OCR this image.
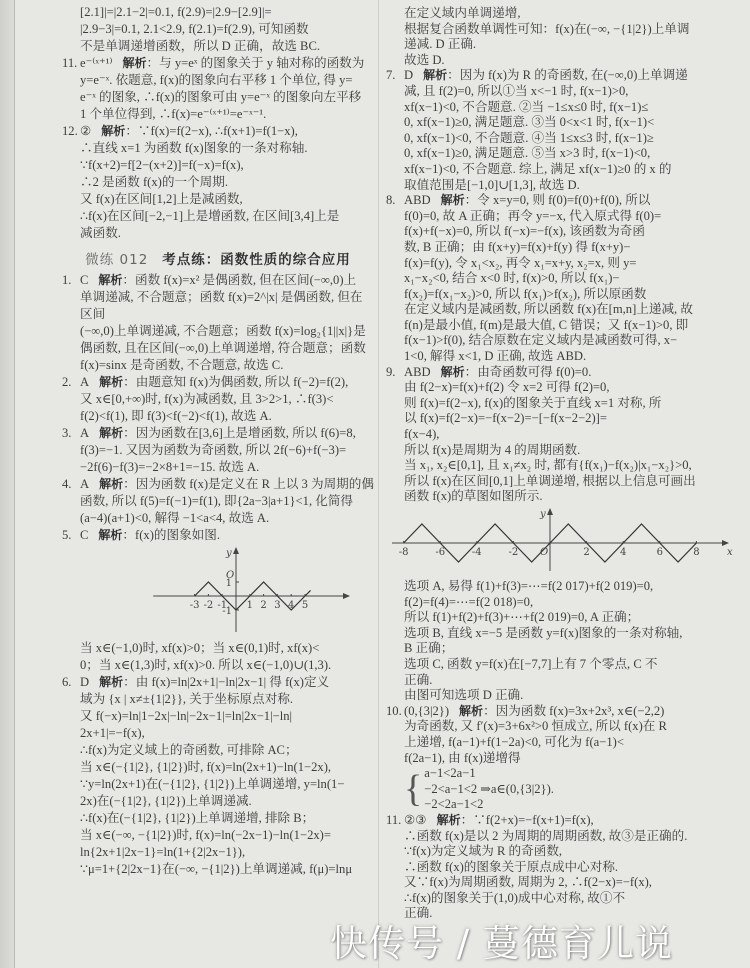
[2.1]|=|2.1−2|=0.1, f(2.9)=|2.9−[2.9]|=
|2.9−3|=0.1, 2.1<2.9, f(2.1)=f(2.9), 可知函数
不是单调递增函数，所以 D 正确，故选 BC.
11. e⁻⁽ˣ⁺¹⁾ 解析：与 y=eˣ 的图象关于 y 轴对称的函数为
y=e⁻ˣ. 依题意, f(x)的图象向右平移 1 个单位, 得 y=
e⁻ˣ 的图象, ∴f(x)的图象可由 y=e⁻ˣ 的图象向左平移
1 个单位得到, ∴f(x)=e⁻⁽ˣ⁺¹⁾=e⁻ˣ⁻¹.
12. ② 解析：∵f(x)=f(2−x), ∴f(x+1)=f(1−x),
∴直线 x=1 为函数 f(x)图象的一条对称轴.
∵f(x+2)=f[2−(x+2)]=f(−x)=f(x),
∴2 是函数 f(x)的一个周期.
又 f(x)在区间[1,2]上是减函数,
∴f(x)在区间[−2,−1]上是增函数, 在区间[3,4]上是
减函数.
微练 012 考点练：函数性质的综合应用
1. C 解析：函数 f(x)=x² 是偶函数, 但在区间(−∞,0)上
单调递减, 不合题意；函数 f(x)=2^|x| 是偶函数, 但在区间
(−∞,0)上单调递减, 不合题意；函数 f(x)=log₂{1||x|}是
偶函数, 且在区间(−∞,0)上单调递增, 符合题意；函数
f(x)=sinx 是奇函数, 不合题意, 故选 C.
2. A 解析：由题意知 f(x)为偶函数, 所以 f(−2)=f(2),
又 x∈[0,+∞)时, f(x)为减函数, 且 3>2>1, ∴f(3)<
f(2)<f(1), 即 f(3)<f(−2)<f(1), 故选 A.
3. A 解析：因为函数在[3,6]上是增函数, 所以 f(6)=8,
f(3)=−1. 又因为函数为奇函数, 所以 2f(−6)+f(−3)=
−2f(6)−f(3)=−2×8+1=−15. 故选 A.
4. A 解析：因为函数 f(x)是定义在 R 上以 3 为周期的偶
函数, 所以 f(5)=f(−1)=f(1), 即{2a−3|a+1}<1, 化简得
(a−4)(a+1)<0, 解得 −1<a<4, 故选 A.
5. C 解析：f(x)的图象如图.
-3 -2 -1 1 2 3 4 5
1
-1
O
y
当 x∈(−1,0)时, xf(x)>0；当 x∈(0,1)时, xf(x)<
0；当 x∈(1,3)时, xf(x)>0. 所以 x∈(−1,0)∪(1,3).
6. D 解析：由 f(x)=ln|2x+1|−ln|2x−1| 得 f(x)定义
域为 {x | x≠±{1|2}}, 关于坐标原点对称.
又 f(−x)=ln|1−2x|−ln|−2x−1|=ln|2x−1|−ln|
2x+1|=−f(x),
∴f(x)为定义域上的奇函数, 可排除 AC；
当 x∈(−{1|2}, {1|2})时, f(x)=ln(2x+1)−ln(1−2x),
∵y=ln(2x+1)在(−{1|2}, {1|2})上单调递增, y=ln(1−
2x)在(−{1|2}, {1|2})上单调递减.
∴f(x)在(−{1|2}, {1|2})上单调递增, 排除 B；
当 x∈(−∞, −{1|2})时, f(x)=ln(−2x−1)−ln(1−2x)=
ln{2x+1|2x−1}=ln(1+{2|2x−1}),
∵μ=1+{2|2x−1}在(−∞, −{1|2})上单调递减, f(μ)=lnμ
在定义域内单调递增,
根据复合函数单调性可知：f(x)在(−∞, −{1|2})上单调
递减. D 正确.
故选 D.
7. D 解析：因为 f(x)为 R 的奇函数, 在(−∞,0)上单调递
减, 且 f(2)=0, 所以①当 x<−1 时, f(x−1)>0,
xf(x−1)<0, 不合题意. ②当 −1≤x≤0 时, f(x−1)≤
0, xf(x−1)≥0, 满足题意. ③当 0<x<1 时, f(x−1)<
0, xf(x−1)<0, 不合题意. ④当 1≤x≤3 时, f(x−1)≥
0, xf(x−1)≥0, 满足题意. ⑤当 x>3 时, f(x−1)<0,
xf(x−1)<0, 不合题意. 综上, 满足 xf(x−1)≥0 的 x 的
取值范围是[−1,0]∪[1,3], 故选 D.
8. ABD 解析：令 x=y=0, 则 f(0)=f(0)+f(0), 所以
f(0)=0, 故 A 正确；再令 y=−x, 代入原式得 f(0)=
f(x)+f(−x)=0, 所以 f(−x)=−f(x), 该函数为奇函
数, B 正确；由 f(x+y)=f(x)+f(y) 得 f(x+y)−
f(x)=f(y), 令 x₁<x₂, 再令 x₁=x+y, x₂=x, 则 y=
x₁−x₂<0, 结合 x<0 时, f(x)>0, 所以 f(x₁)−
f(x₂)=f(x₁−x₂)>0, 所以 f(x₁)>f(x₂), 所以原函数
在定义域内是减函数, 所以函数 f(x)在[m,n]上递减, 故
f(n)是最小值, f(m)是最大值, C 错误；又 f(x−1)>0, 即
f(x−1)>f(0), 结合原数在定义域内是减函数可得, x−
1<0, 解得 x<1, D 正确, 故选 ABD.
9. ABD 解析：由奇函数可得 f(0)=0.
由 f(2−x)=f(x)+f(2) 令 x=2 可得 f(2)=0,
则 f(x)=f(2−x), f(x)的图象关于直线 x=1 对称, 所
以 f(x)=f(2−x)=−f(x−2)=−[−f(x−2−2)]=
f(x−4),
所以 f(x)是周期为 4 的周期函数.
当 x₁, x₂∈[0,1], 且 x₁≠x₂ 时, 都有{f(x₁)−f(x₂)|x₁−x₂}>0,
所以 f(x)在区间[0,1]上单调递增, 根据以上信息可画出
函数 f(x)的草图如图所示.
-8	-6	-4	-2	2	4	6	8
O
y
x
选项 A, 易得 f(1)+f(3)=⋯=f(2 017)+f(2 019)=0,
f(2)=f(4)=⋯=f(2 018)=0,
所以 f(1)+f(2)+f(3)+⋯+f(2 019)=0, A 正确；
选项 B, 直线 x=−5 是函数 y=f(x)图象的一条对称轴,
B 正确；
选项 C, 函数 y=f(x)在[−7,7]上有 7 个零点, C 不
正确.
由图可知选项 D 正确.
10. (0,{3|2}) 解析：因为函数 f(x)=3x+2x³, x∈(−2,2)
为奇函数, 又 f′(x)=3+6x²>0 恒成立, 所以 f(x)在 R
上递增, f(a−1)+f(1−2a)<0, 可化为 f(a−1)<
f(2a−1), 由 f(x)递增得
{ a−1<2a−1
−2<a−1<2 ⇒a∈(0,{3|2}).
−2<2a−1<2
11. ②③ 解析：∵f(2+x)=−f(x+1)=f(x),
∴函数 f(x)是以 2 为周期的周期函数, 故③是正确的.
∵f(x)为定义域为 R 的奇函数,
∴函数 f(x)的图象关于原点成中心对称.
又∵f(x)为周期函数, 周期为 2, ∴f(2−x)=−f(x),
∴f(x)的图象关于(1,0)成中心对称, 故①不
正确.
快传号 / 蔓德育儿说
